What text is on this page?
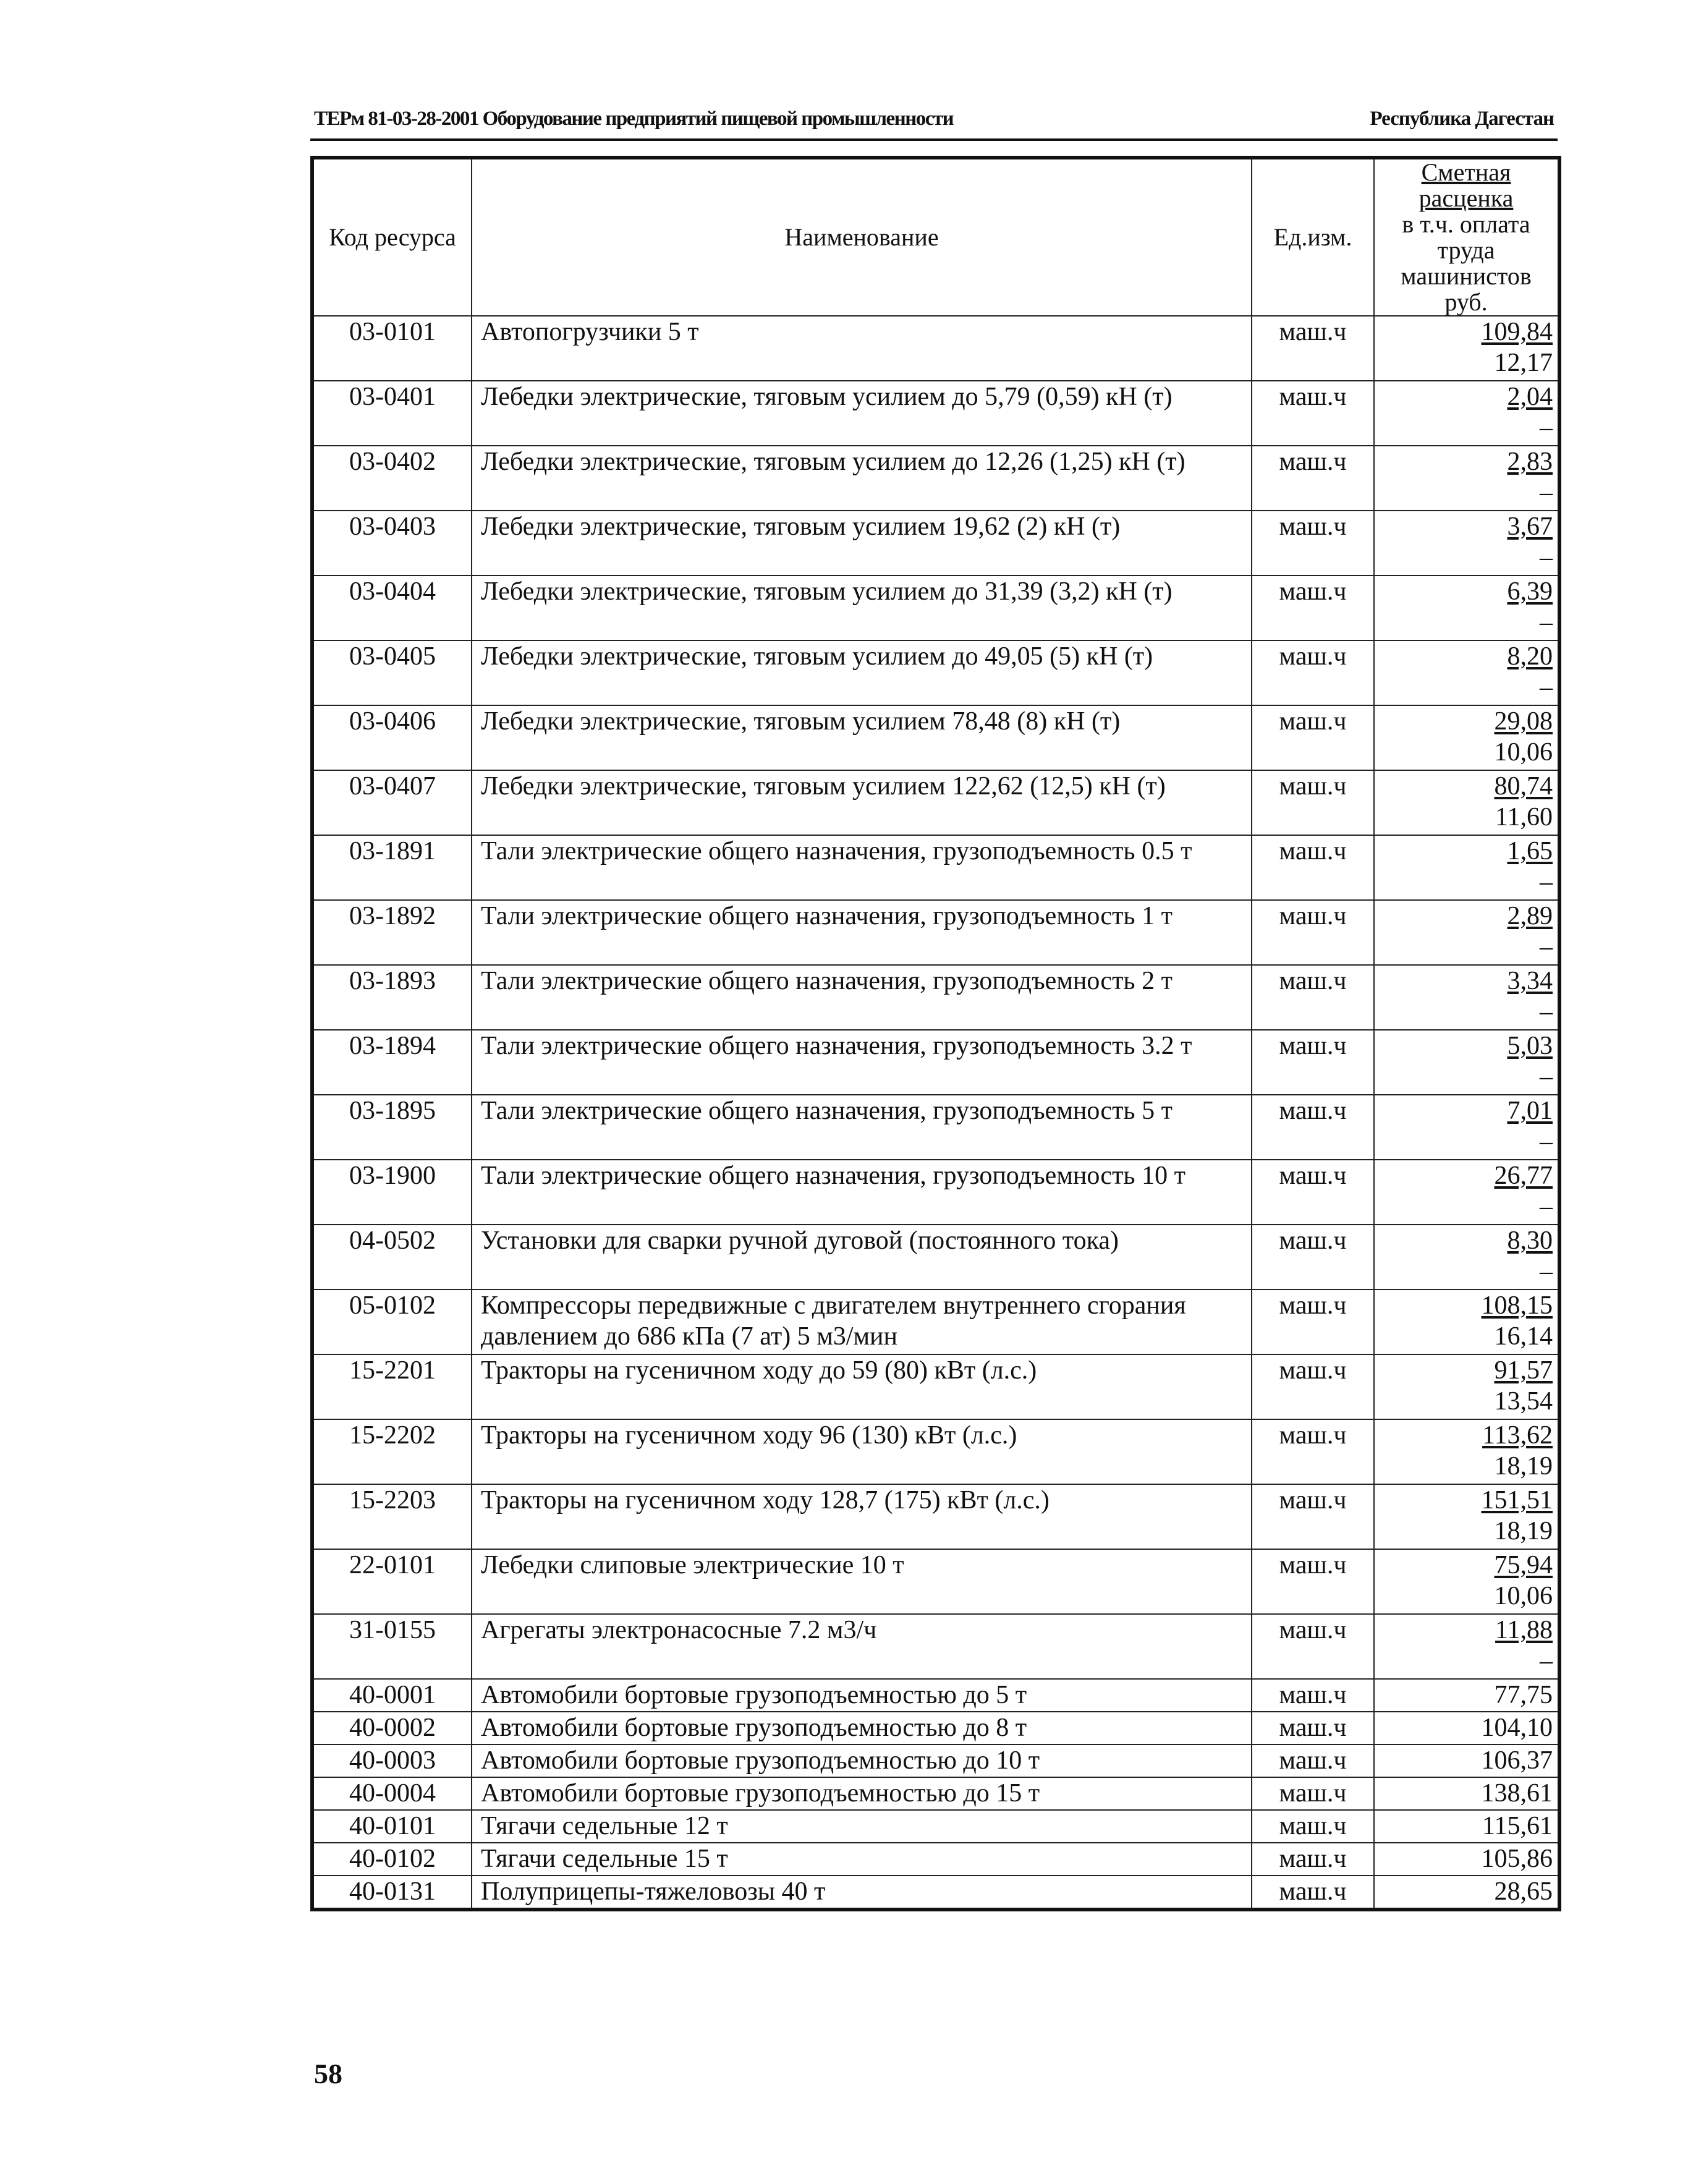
ТЕРм 81-03-28-2001 Оборудование предприятий пищевой промышленности	Республика Дагестан
Код ресурса	Наименование	Ед.изм.	Сметная расценка
в т.ч. оплата
труда машинистов
руб.

03-0101	Автопогрузчики 5 т	маш.ч	109,84
12,17

03-0401	Лебедки электрические, тяговым усилием до 5,79 (0,59) кН (т)	маш.ч	2,04
–

03-0402	Лебедки электрические, тяговым усилием до 12,26 (1,25) кН (т)	маш.ч	2,83
–

03-0403	Лебедки электрические, тяговым усилием 19,62 (2) кН (т)	маш.ч	3,67
–

03-0404	Лебедки электрические, тяговым усилием до 31,39 (3,2) кН (т)	маш.ч	6,39
–

03-0405	Лебедки электрические, тяговым усилием до 49,05 (5) кН (т)	маш.ч	8,20
–

03-0406	Лебедки электрические, тяговым усилием 78,48 (8) кН (т)	маш.ч	29,08
10,06

03-0407	Лебедки электрические, тяговым усилием 122,62 (12,5) кН (т)	маш.ч	80,74
11,60

03-1891	Тали электрические общего назначения, грузоподъемность 0.5 т	маш.ч	1,65
–

03-1892	Тали электрические общего назначения, грузоподъемность 1 т	маш.ч	2,89
–

03-1893	Тали электрические общего назначения, грузоподъемность 2 т	маш.ч	3,34
–

03-1894	Тали электрические общего назначения, грузоподъемность 3.2 т	маш.ч	5,03
–

03-1895	Тали электрические общего назначения, грузоподъемность 5 т	маш.ч	7,01
–

03-1900	Тали электрические общего назначения, грузоподъемность 10 т	маш.ч	26,77
–

04-0502	Установки для сварки ручной дуговой (постоянного тока)	маш.ч	8,30
–

05-0102	Компрессоры передвижные с двигателем внутреннего сгорания давлением до 686 кПа (7 ат) 5 м3/мин	маш.ч	108,15
16,14

15-2201	Тракторы на гусеничном ходу до 59 (80) кВт (л.с.)	маш.ч	91,57
13,54

15-2202	Тракторы на гусеничном ходу 96 (130) кВт (л.с.)	маш.ч	113,62
18,19

15-2203	Тракторы на гусеничном ходу 128,7 (175) кВт (л.с.)	маш.ч	151,51
18,19

22-0101	Лебедки слиповые электрические 10 т	маш.ч	75,94
10,06

31-0155	Агрегаты электронасосные 7.2 м3/ч	маш.ч	11,88
–

40-0001	Автомобили бортовые грузоподъемностью до 5 т	маш.ч	77,75
40-0002	Автомобили бортовые грузоподъемностью до 8 т	маш.ч	104,10
40-0003	Автомобили бортовые грузоподъемностью до 10 т	маш.ч	106,37
40-0004	Автомобили бортовые грузоподъемностью до 15 т	маш.ч	138,61
40-0101	Тягачи седельные 12 т	маш.ч	115,61
40-0102	Тягачи седельные 15 т	маш.ч	105,86
40-0131	Полуприцепы-тяжеловозы 40 т	маш.ч	28,65
58
